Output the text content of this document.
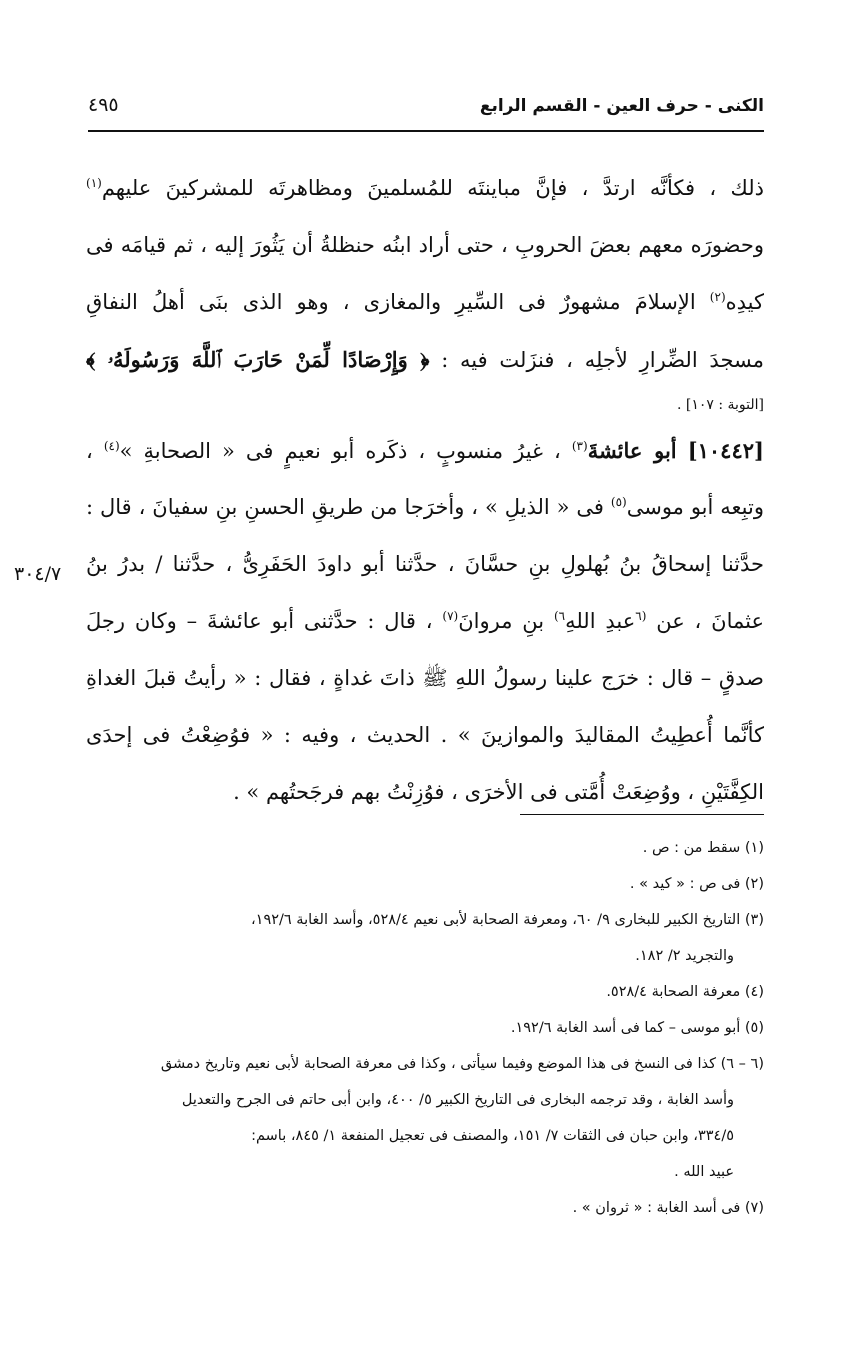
الكنى - حرف العين - القسم الرابع
٤٩٥
ذلك ، فكأنَّه ارتدَّ ، فإنَّ مباينتَه للمُسلمينَ ومظاهرتَه للمشركينَ عليهم$^{(١)}$
وحضورَه معهم بعضَ الحروبِ ، حتى أراد ابنُه حنظلةُ أن يَثُورَ إليه ، ثم قيامَه فى
كيدِه$^{(٢)}$ الإسلامَ مشهورٌ فى السِّيرِ والمغازى ، وهو الذى بنَى أهلُ النفاقِ
مسجدَ الضِّرارِ لأجلِه ، فنزَلت فيه : ﴿ وَإِرْصَادًا لِّمَنْ حَارَبَ ٱللَّهَ وَرَسُولَهُۥ ﴾
[التوبة : ١٠٧] .
[١٠٤٤٢] أبو عائشةَ$^{(٣)}$ ، غيرُ منسوبٍ ، ذكَره أبو نعيمٍ فى « الصحابةِ »$^{(٤)}$ ،
وتبِعه أبو موسى$^{(٥)}$ فى « الذيلِ » ، وأخرَجا من طريقِ الحسنِ بنِ سفيانَ ، قال :
حدَّثنا إسحاقُ بنُ بُهلولِ بنِ حسَّانَ ، حدَّثنا أبو داودَ الحَفَرِىُّ ، حدَّثنا / بدرُ بنُ
عثمانَ ، عن $^{(٦}$عبدِ اللهِ$^{٦)}$ بنِ مروانَ$^{(٧)}$ ، قال : حدَّثنى أبو عائشةَ – وكان رجلَ
صدقٍ – قال : خرَج علينا رسولُ اللهِ ﷺ ذاتَ غداةٍ ، فقال : « رأيتُ قبلَ الغداةِ
كأنَّما أُعطِيتُ المقاليدَ والموازينَ » . الحديث ، وفيه : « فوُضِعْتُ فى إحدَى
الكِفَّتَيْنِ ، ووُضِعَتْ أُمَّتى فى الأخرَى ، فوُزِنْتُ بهم فرجَحتُهم » .
٣٠٤/٧
(١) سقط من : ص .
(٢) فى ص : « كيد » .
(٣) التاريخ الكبير للبخارى ٩/ ٦٠، ومعرفة الصحابة لأبى نعيم ٥٢٨/٤، وأسد الغابة ١٩٢/٦،
والتجريد ٢/ ١٨٢.
(٤) معرفة الصحابة ٥٢٨/٤.
(٥) أبو موسى – كما فى أسد الغابة ١٩٢/٦.
(٦ – ٦) كذا فى النسخ فى هذا الموضع وفيما سيأتى ، وكذا فى معرفة الصحابة لأبى نعيم وتاريخ دمشق
وأسد الغابة ، وقد ترجمه البخارى فى التاريخ الكبير ٥/ ٤٠٠، وابن أبى حاتم فى الجرح والتعديل
٣٣٤/٥، وابن حبان فى الثقات ٧/ ١٥١، والمصنف فى تعجيل المنفعة ١/ ٨٤٥، باسم:
عبيد الله .
(٧) فى أسد الغابة : « ثروان » .
